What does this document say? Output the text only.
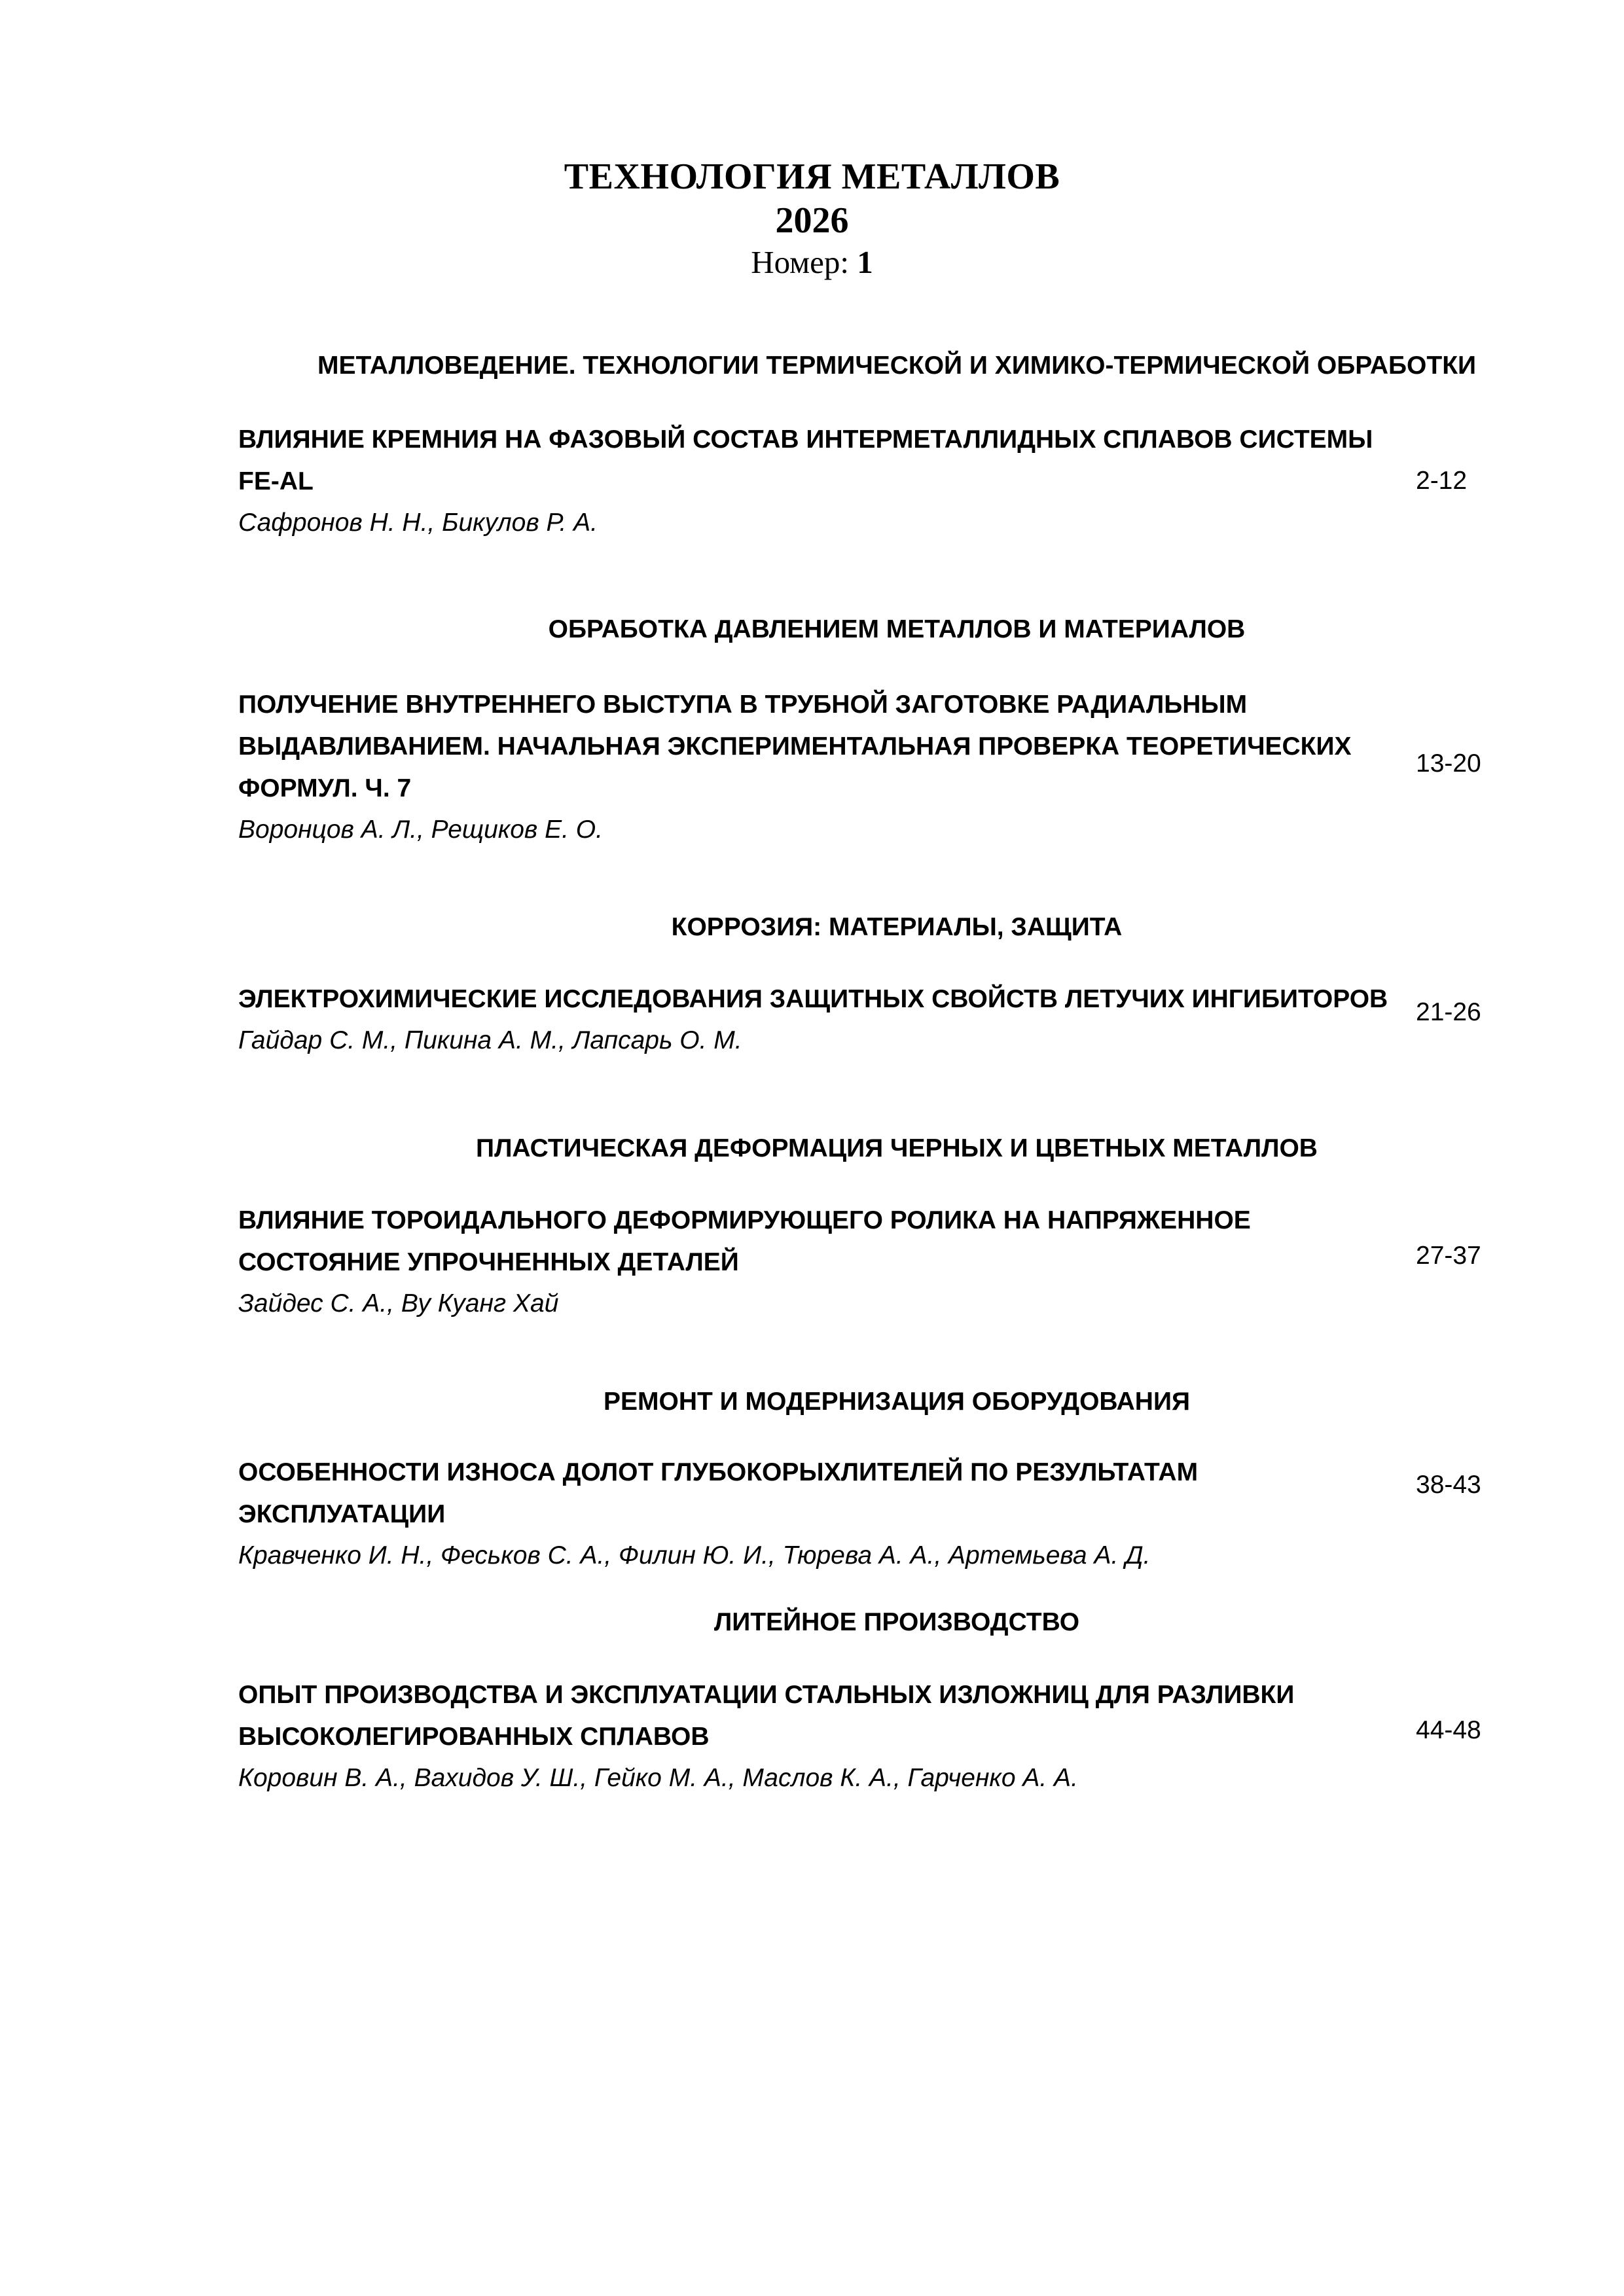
ТЕХНОЛОГИЯ МЕТАЛЛОВ
2026
Номер: 1
МЕТАЛЛОВЕДЕНИЕ. ТЕХНОЛОГИИ ТЕРМИЧЕСКОЙ И ХИМИКО-ТЕРМИЧЕСКОЙ ОБРАБОТКИ

ВЛИЯНИЕ КРЕМНИЯ НА ФАЗОВЫЙ СОСТАВ ИНТЕРМЕТАЛЛИДНЫХ СПЛАВОВ СИСТЕМЫ FE-AL

Сафронов Н. Н., Бикулов Р. А.

2-12
ОБРАБОТКА ДАВЛЕНИЕМ МЕТАЛЛОВ И МАТЕРИАЛОВ

ПОЛУЧЕНИЕ ВНУТРЕННЕГО ВЫСТУПА В ТРУБНОЙ ЗАГОТОВКЕ РАДИАЛЬНЫМ ВЫДАВЛИВАНИЕМ. НАЧАЛЬНАЯ ЭКСПЕРИМЕНТАЛЬНАЯ ПРОВЕРКА ТЕОРЕТИЧЕСКИХ ФОРМУЛ. Ч. 7

Воронцов А. Л., Рещиков Е. О.

13-20
КОРРОЗИЯ: МАТЕРИАЛЫ, ЗАЩИТА

ЭЛЕКТРОХИМИЧЕСКИЕ ИССЛЕДОВАНИЯ ЗАЩИТНЫХ СВОЙСТВ ЛЕТУЧИХ ИНГИБИТОРОВ

Гайдар С. М., Пикина А. М., Лапсарь О. М.

21-26
ПЛАСТИЧЕСКАЯ ДЕФОРМАЦИЯ ЧЕРНЫХ И ЦВЕТНЫХ МЕТАЛЛОВ

ВЛИЯНИЕ ТОРОИДАЛЬНОГО ДЕФОРМИРУЮЩЕГО РОЛИКА НА НАПРЯЖЕННОЕ СОСТОЯНИЕ УПРОЧНЕННЫХ ДЕТАЛЕЙ

Зайдес С. А., Ву Куанг Хай

27-37
РЕМОНТ И МОДЕРНИЗАЦИЯ ОБОРУДОВАНИЯ

ОСОБЕННОСТИ ИЗНОСА ДОЛОТ ГЛУБОКОРЫХЛИТЕЛЕЙ ПО РЕЗУЛЬТАТАМ ЭКСПЛУАТАЦИИ

Кравченко И. Н., Феськов С. А., Филин Ю. И., Тюрева А. А., Артемьева А. Д.

38-43
ЛИТЕЙНОЕ ПРОИЗВОДСТВО

ОПЫТ ПРОИЗВОДСТВА И ЭКСПЛУАТАЦИИ СТАЛЬНЫХ ИЗЛОЖНИЦ ДЛЯ РАЗЛИВКИ ВЫСОКОЛЕГИРОВАННЫХ СПЛАВОВ

Коровин В. А., Вахидов У. Ш., Гейко М. А., Маслов К. А., Гарченко А. А.

44-48
